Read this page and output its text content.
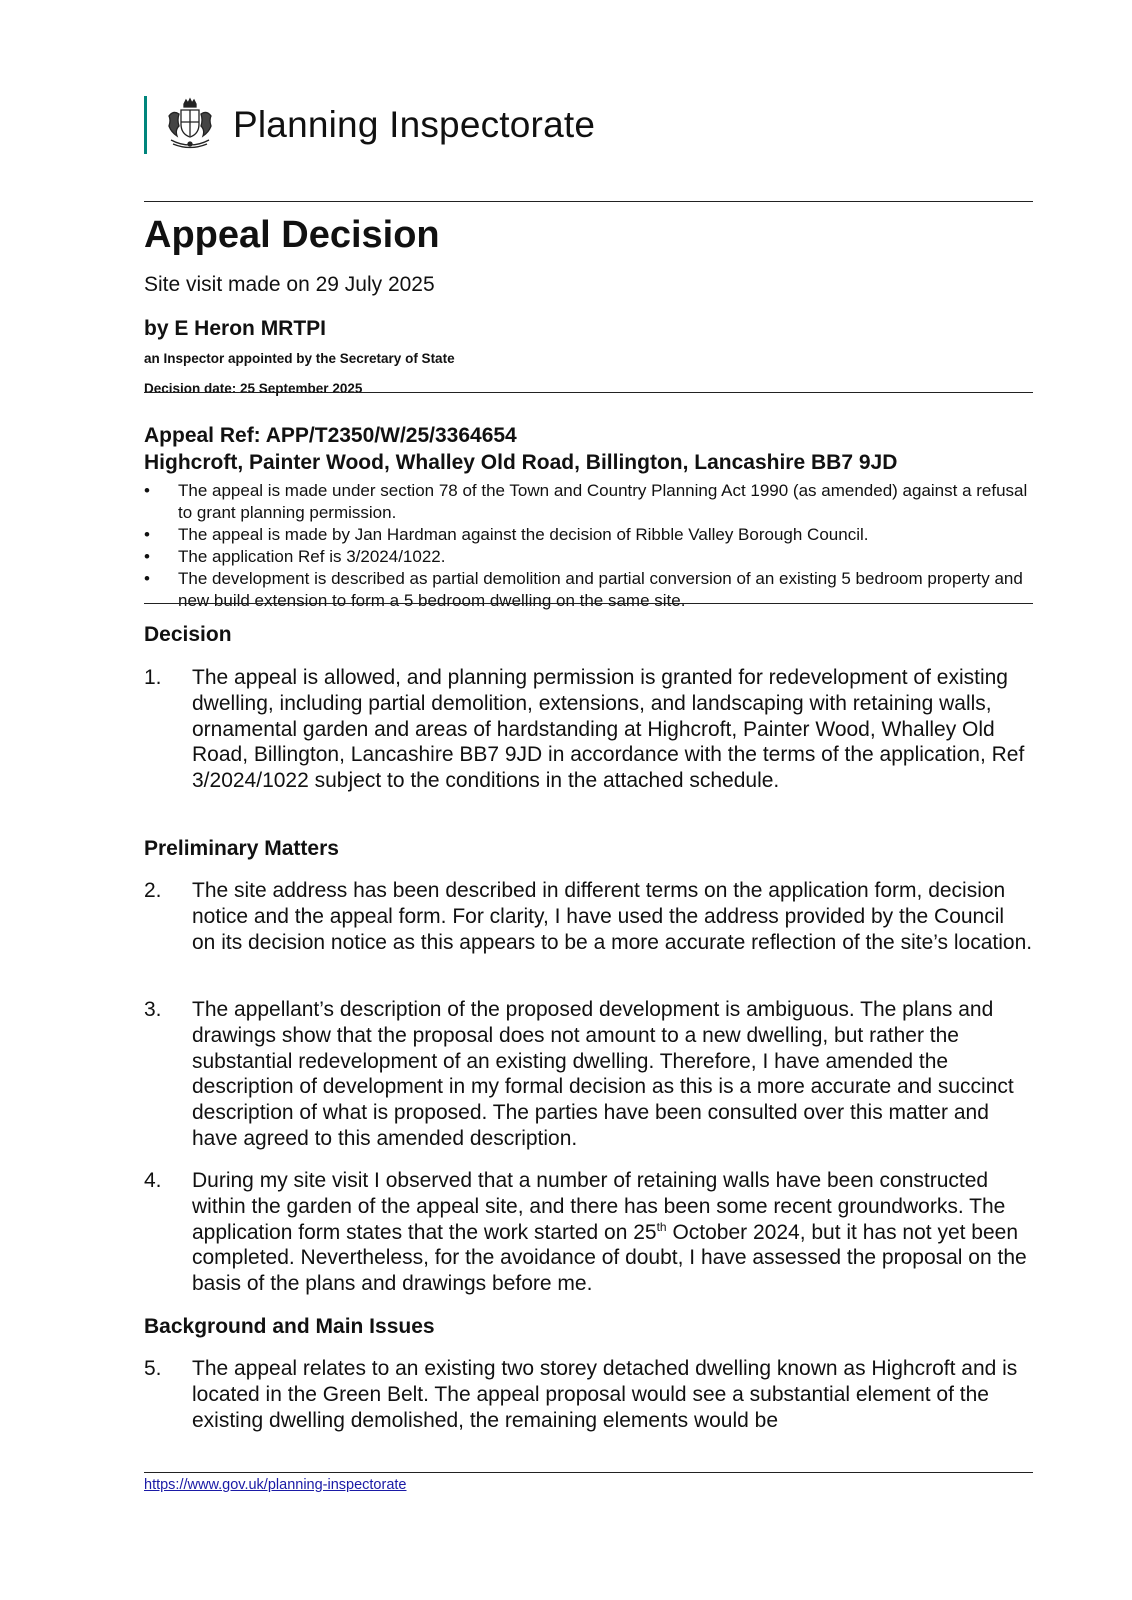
Planning Inspectorate
Appeal Decision
Site visit made on 29 July 2025
by E Heron MRTPI
an Inspector appointed by the Secretary of State
Decision date: 25 September 2025
Appeal Ref: APP/T2350/W/25/3364654
Highcroft, Painter Wood, Whalley Old Road, Billington, Lancashire BB7 9JD
• The appeal is made under section 78 of the Town and Country Planning Act 1990 (as amended) against a refusal to grant planning permission.
• The appeal is made by Jan Hardman against the decision of Ribble Valley Borough Council.
• The application Ref is 3/2024/1022.
• The development is described as partial demolition and partial conversion of an existing 5 bedroom property and new build extension to form a 5 bedroom dwelling on the same site.
Decision
1. The appeal is allowed, and planning permission is granted for redevelopment of existing dwelling, including partial demolition, extensions, and landscaping with retaining walls, ornamental garden and areas of hardstanding at Highcroft, Painter Wood, Whalley Old Road, Billington, Lancashire BB7 9JD in accordance with the terms of the application, Ref 3/2024/1022 subject to the conditions in the attached schedule.
Preliminary Matters
2. The site address has been described in different terms on the application form, decision notice and the appeal form. For clarity, I have used the address provided by the Council on its decision notice as this appears to be a more accurate reflection of the site’s location.
3. The appellant’s description of the proposed development is ambiguous. The plans and drawings show that the proposal does not amount to a new dwelling, but rather the substantial redevelopment of an existing dwelling. Therefore, I have amended the description of development in my formal decision as this is a more accurate and succinct description of what is proposed. The parties have been consulted over this matter and have agreed to this amended description.
4. During my site visit I observed that a number of retaining walls have been constructed within the garden of the appeal site, and there has been some recent groundworks. The application form states that the work started on 25th October 2024, but it has not yet been completed. Nevertheless, for the avoidance of doubt, I have assessed the proposal on the basis of the plans and drawings before me.
Background and Main Issues
5. The appeal relates to an existing two storey detached dwelling known as Highcroft and is located in the Green Belt. The appeal proposal would see a substantial element of the existing dwelling demolished, the remaining elements would be
https://www.gov.uk/planning-inspectorate
